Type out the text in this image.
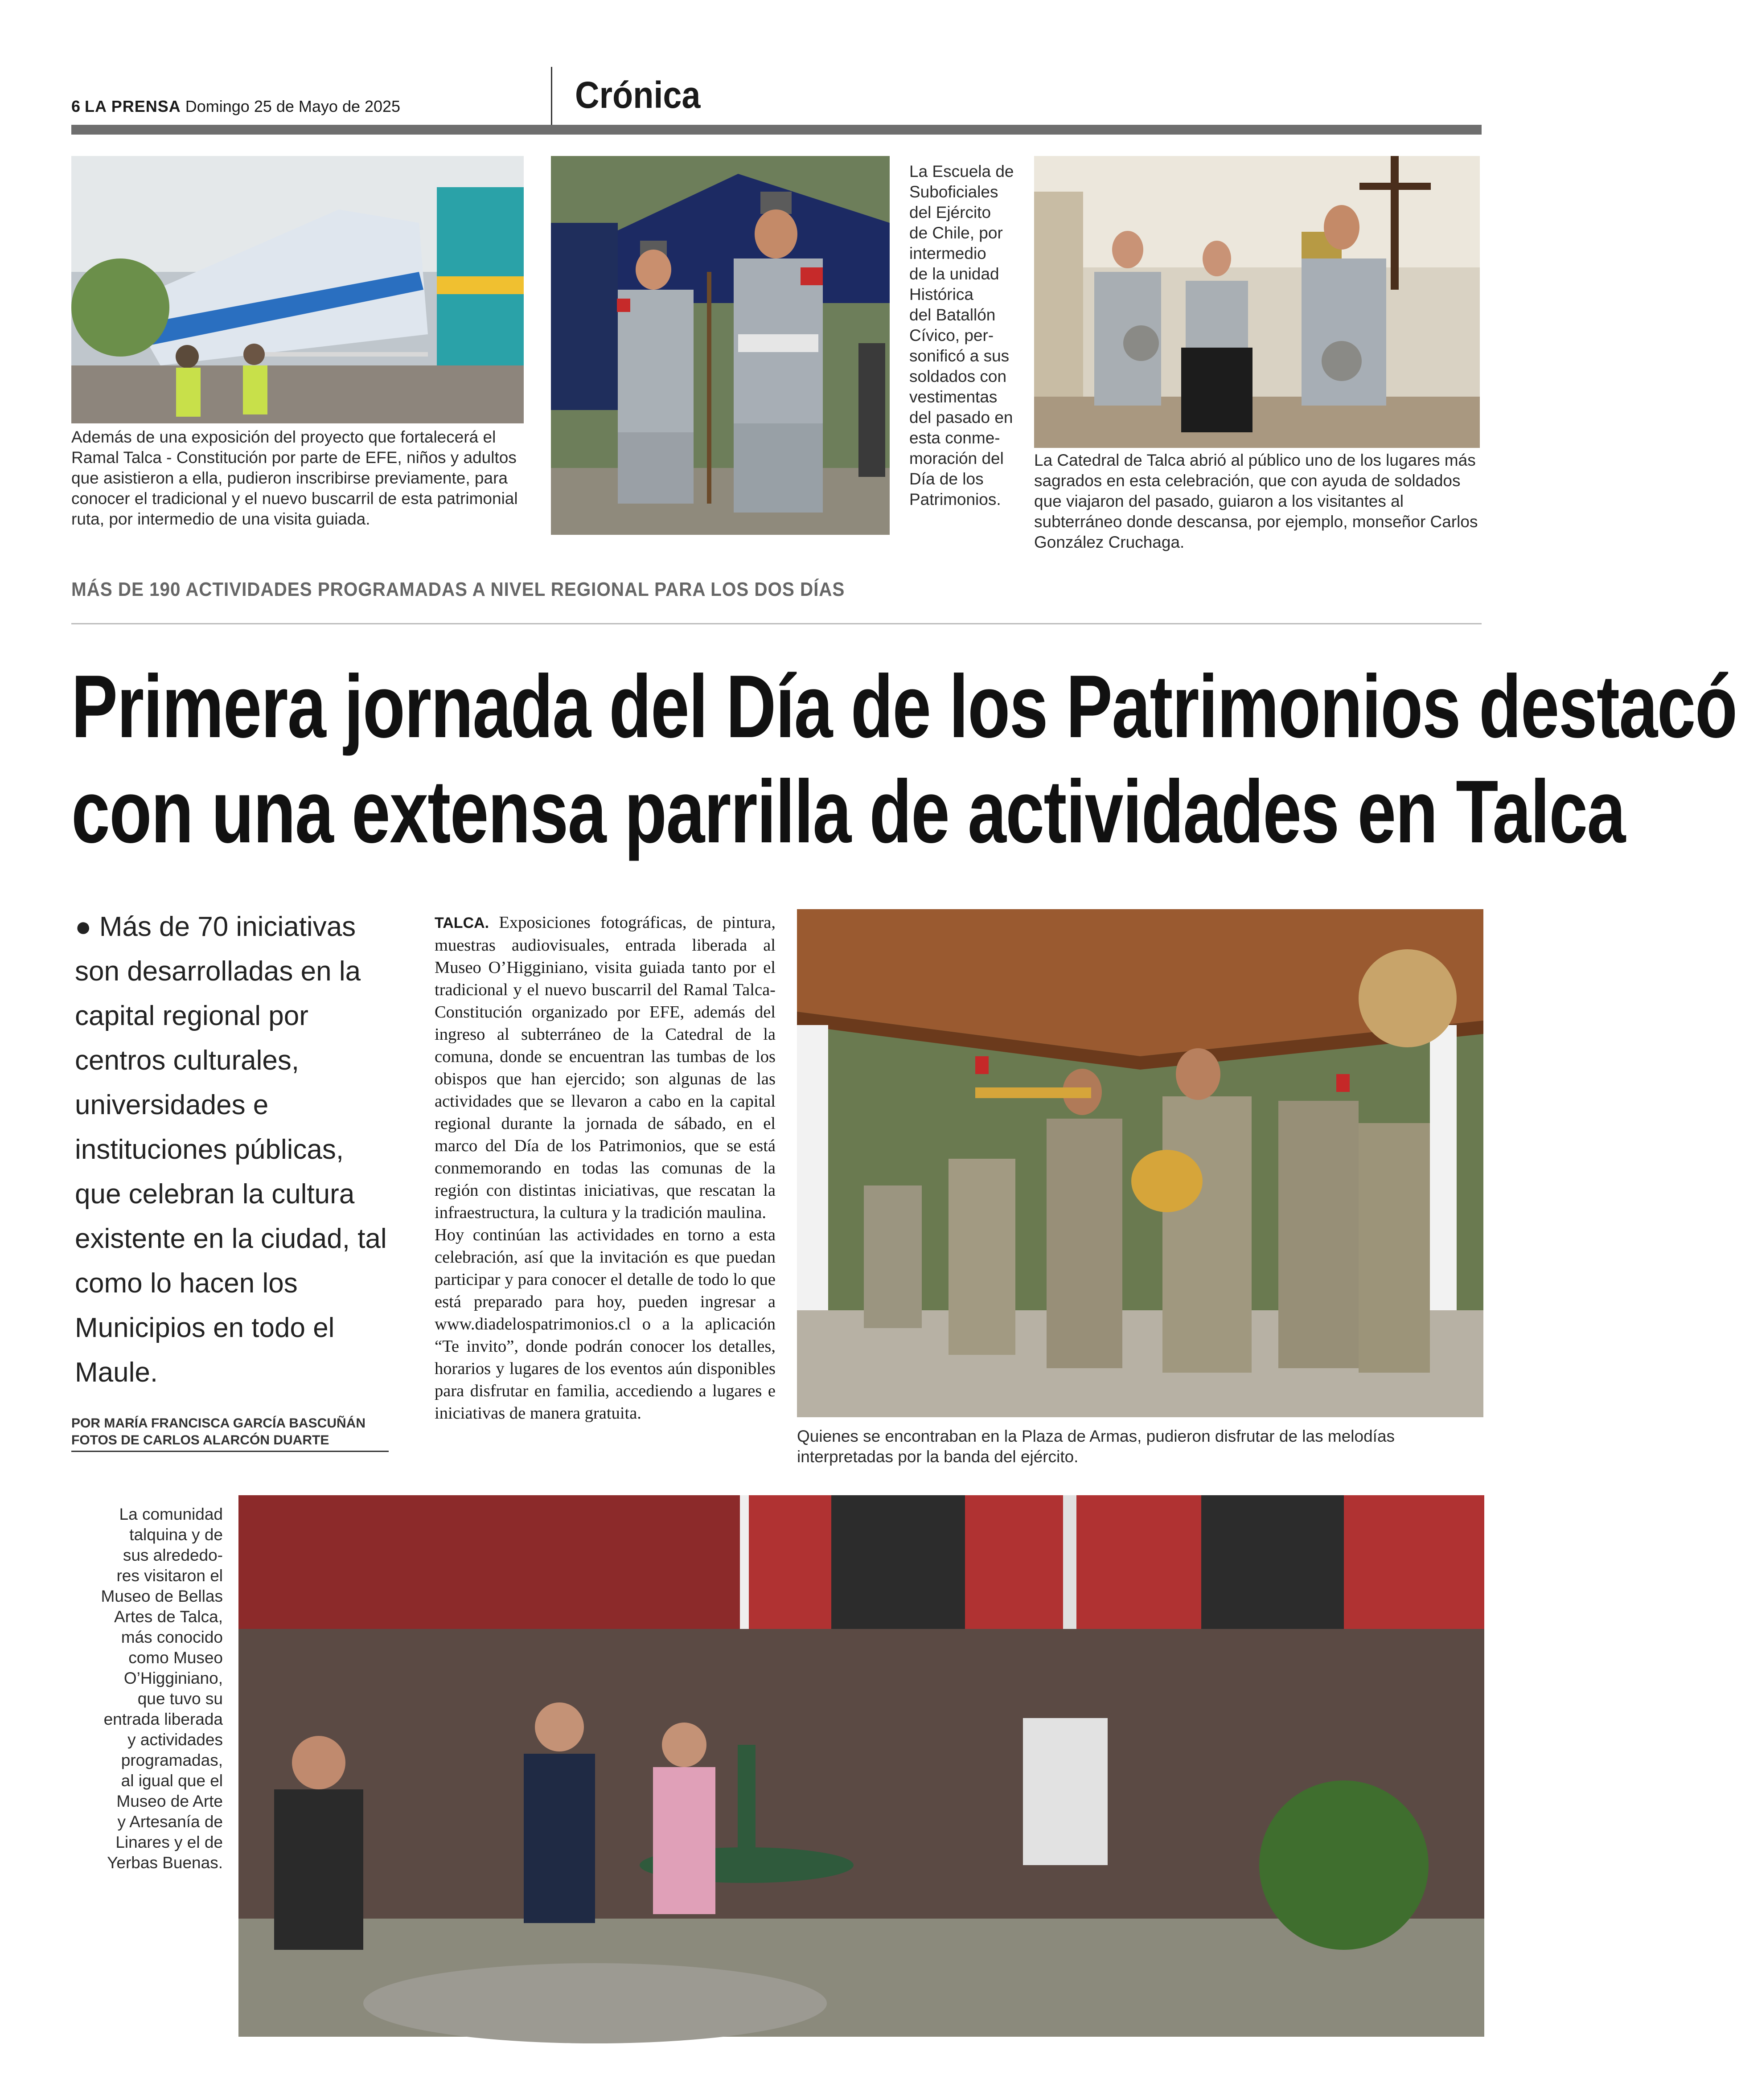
6 LA PRENSA Domingo 25 de Mayo de 2025	Crónica
Además de una exposición del proyecto que fortalecerá el Ramal Talca - Constitución por parte de EFE, niños y adultos que asistieron a ella, pudieron inscribirse previamente, para conocer el tradicional y el nuevo buscarril de esta patrimonial ruta, por intermedio de una visita guiada.
La Escuela de
Suboficiales
del Ejército
de Chile, por
intermedio
de la unidad
Histórica
del Batallón
Cívico, per-
sonificó a sus
soldados con
vestimentas
del pasado en
esta conme-
moración del
Día de los
Patrimonios.
La Catedral de Talca abrió al público uno de los lugares más sagrados en esta celebración, que con ayuda de soldados que viajaron del pasado, guiaron a los visitantes al subterráneo donde descansa, por ejemplo, monseñor Carlos González Cruchaga.
MÁS DE 190 ACTIVIDADES PROGRAMADAS A NIVEL REGIONAL PARA LOS DOS DÍAS
Primera jornada del Día de los Patrimonios destacó
con una extensa parrilla de actividades en Talca
● Más de 70 iniciativas son desarrolladas en la capital regional por centros culturales, universidades e instituciones públicas, que celebran la cultura existente en la ciudad, tal como lo hacen los Municipios en todo el Maule.
POR MARÍA FRANCISCA GARCÍA BASCUÑÁN
FOTOS DE CARLOS ALARCÓN DUARTE

TALCA. Exposiciones fotográficas, de pintura, muestras audiovisuales, entrada liberada al Museo O’Higginiano, visita guiada tanto por el tradicional y el nuevo buscarril del Ramal Talca-Constitución organizado por EFE, además del ingreso al subterráneo de la Catedral de la comuna, donde se encuentran las tumbas de los obispos que han ejercido; son algunas de las actividades que se llevaron a cabo en la capital regional durante la jornada de sábado, en el marco del Día de los Patrimonios, que se está conmemorando en todas las comunas de la región con distintas iniciativas, que rescatan la infraestructura, la cultura y la tradición maulina.

Hoy continúan las actividades en torno a esta celebración, así que la invitación es que puedan participar y para conocer el detalle de todo lo que está preparado para hoy, pueden ingresar a www.diadelospatrimonios.cl o a la aplicación “Te invito”, donde podrán conocer los detalles, horarios y lugares de los eventos aún disponibles para disfrutar en familia, accediendo a lugares e iniciativas de manera gratuita.

Quienes se encontraban en la Plaza de Armas, pudieron disfrutar de las melodías interpretadas por la banda del ejército.
La comunidad
talquina y de
sus alrededo-
res visitaron el
Museo de Bellas
Artes de Talca,
más conocido
como Museo
O’Higginiano,
que tuvo su
entrada liberada
y actividades
programadas,
al igual que el
Museo de Arte
y Artesanía de
Linares y el de
Yerbas Buenas.
